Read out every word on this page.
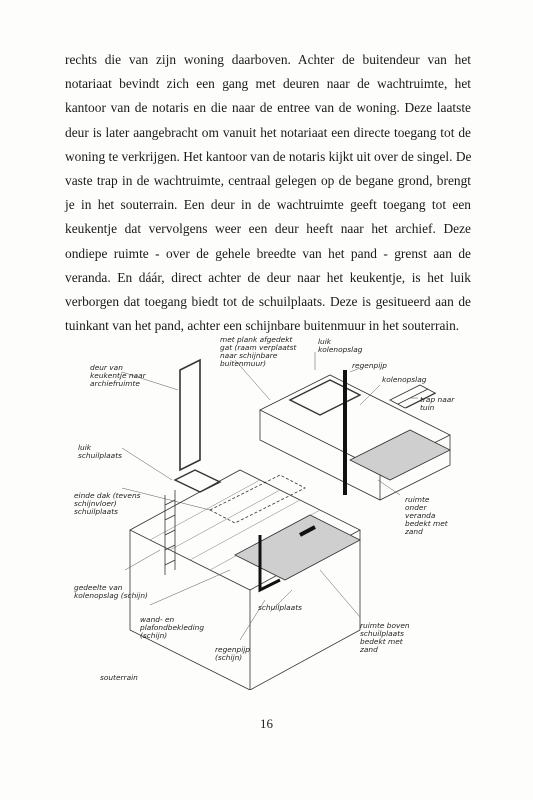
rechts die van zijn woning daarboven. Achter de buitendeur van het
notariaat bevindt zich een gang met deuren naar de wachtruimte, het
kantoor van de notaris en die naar de entree van de woning. Deze laatste
deur is later aangebracht om vanuit het notariaat een directe toegang tot de
woning te verkrijgen. Het kantoor van de notaris kijkt uit over de singel. De
vaste trap in de wachtruimte, centraal gelegen op de begane grond, brengt
je in het souterrain. Een deur in de wachtruimte geeft toegang tot een
keukentje dat vervolgens weer een deur heeft naar het archief. Deze
ondiepe ruimte - over de gehele breedte van het pand - grenst aan de
veranda. En dáár, direct achter de deur naar het keukentje, is het luik
verborgen dat toegang biedt tot de schuilplaats. Deze is gesitueerd aan de
tuinkant van het pand, achter een schijnbare buitenmuur in het souterrain.
deur van keukentje naar archiefruimte
met plank afgedekt gat (raam verplaatst naar schijnbare buitenmuur)
luik kolenopslag
regenpijp
kolenopslag
trap naar tuin
luik schuilplaats
einde dak (tevens schijnvloer) schuilplaats
ruimte onder veranda bedekt met zand
gedeelte van kolenopslag (schijn)
wand- en plafondbekleding (schijn)
schuilplaats
ruimte boven schuilplaats bedekt met zand
regenpijp (schijn)
souterrain
16
